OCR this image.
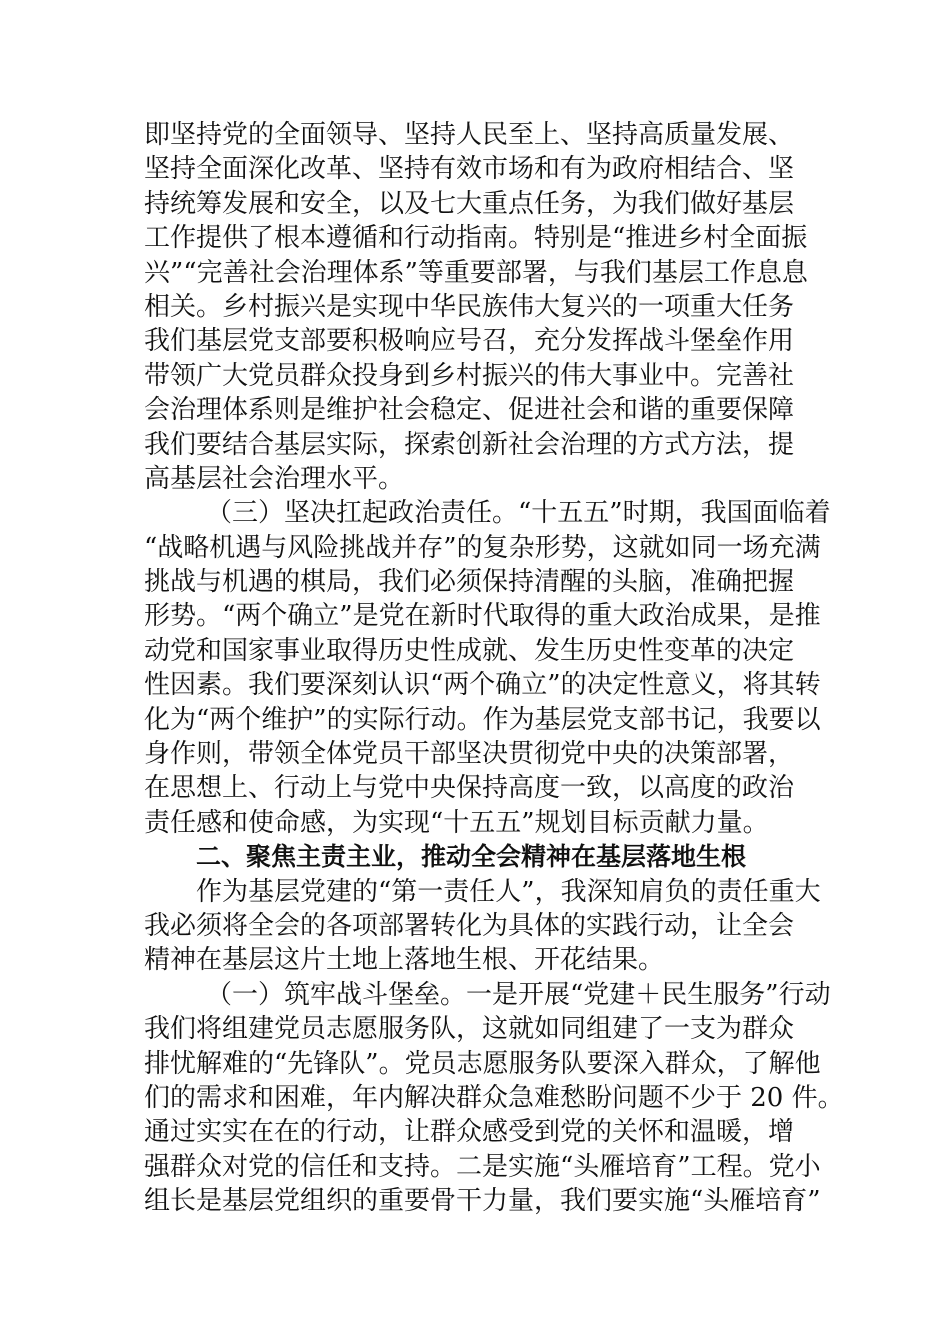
即坚持党的全面领导、坚持人民至上、坚持高质量发展、
坚持全面深化改革、坚持有效市场和有为政府相结合、坚
持统筹发展和安全，以及七大重点任务，为我们做好基层
工作提供了根本遵循和行动指南。特别是“推进乡村全面振
兴”“完善社会治理体系”等重要部署，与我们基层工作息息
相关。乡村振兴是实现中华民族伟大复兴的一项重大任务
我们基层党支部要积极响应号召，充分发挥战斗堡垒作用
带领广大党员群众投身到乡村振兴的伟大事业中。完善社
会治理体系则是维护社会稳定、促进社会和谐的重要保障
我们要结合基层实际，探索创新社会治理的方式方法，提
高基层社会治理水平。
（三）坚决扛起政治责任。“十五五”时期，我国面临着
“战略机遇与风险挑战并存”的复杂形势，这就如同一场充满
挑战与机遇的棋局，我们必须保持清醒的头脑，准确把握
形势。“两个确立”是党在新时代取得的重大政治成果，是推
动党和国家事业取得历史性成就、发生历史性变革的决定
性因素。我们要深刻认识“两个确立”的决定性意义，将其转
化为“两个维护”的实际行动。作为基层党支部书记，我要以
身作则，带领全体党员干部坚决贯彻党中央的决策部署，
在思想上、行动上与党中央保持高度一致，以高度的政治
责任感和使命感，为实现“十五五”规划目标贡献力量。
二、聚焦主责主业，推动全会精神在基层落地生根
作为基层党建的“第一责任人”，我深知肩负的责任重大
我必须将全会的各项部署转化为具体的实践行动，让全会
精神在基层这片土地上落地生根、开花结果。
（一）筑牢战斗堡垒。一是开展“党建＋民生服务”行动
我们将组建党员志愿服务队，这就如同组建了一支为群众
排忧解难的“先锋队”。党员志愿服务队要深入群众，了解他
们的需求和困难，年内解决群众急难愁盼问题不少于 20 件。
通过实实在在的行动，让群众感受到党的关怀和温暖，增
强群众对党的信任和支持。二是实施“头雁培育”工程。党小
组长是基层党组织的重要骨干力量，我们要实施“头雁培育”
